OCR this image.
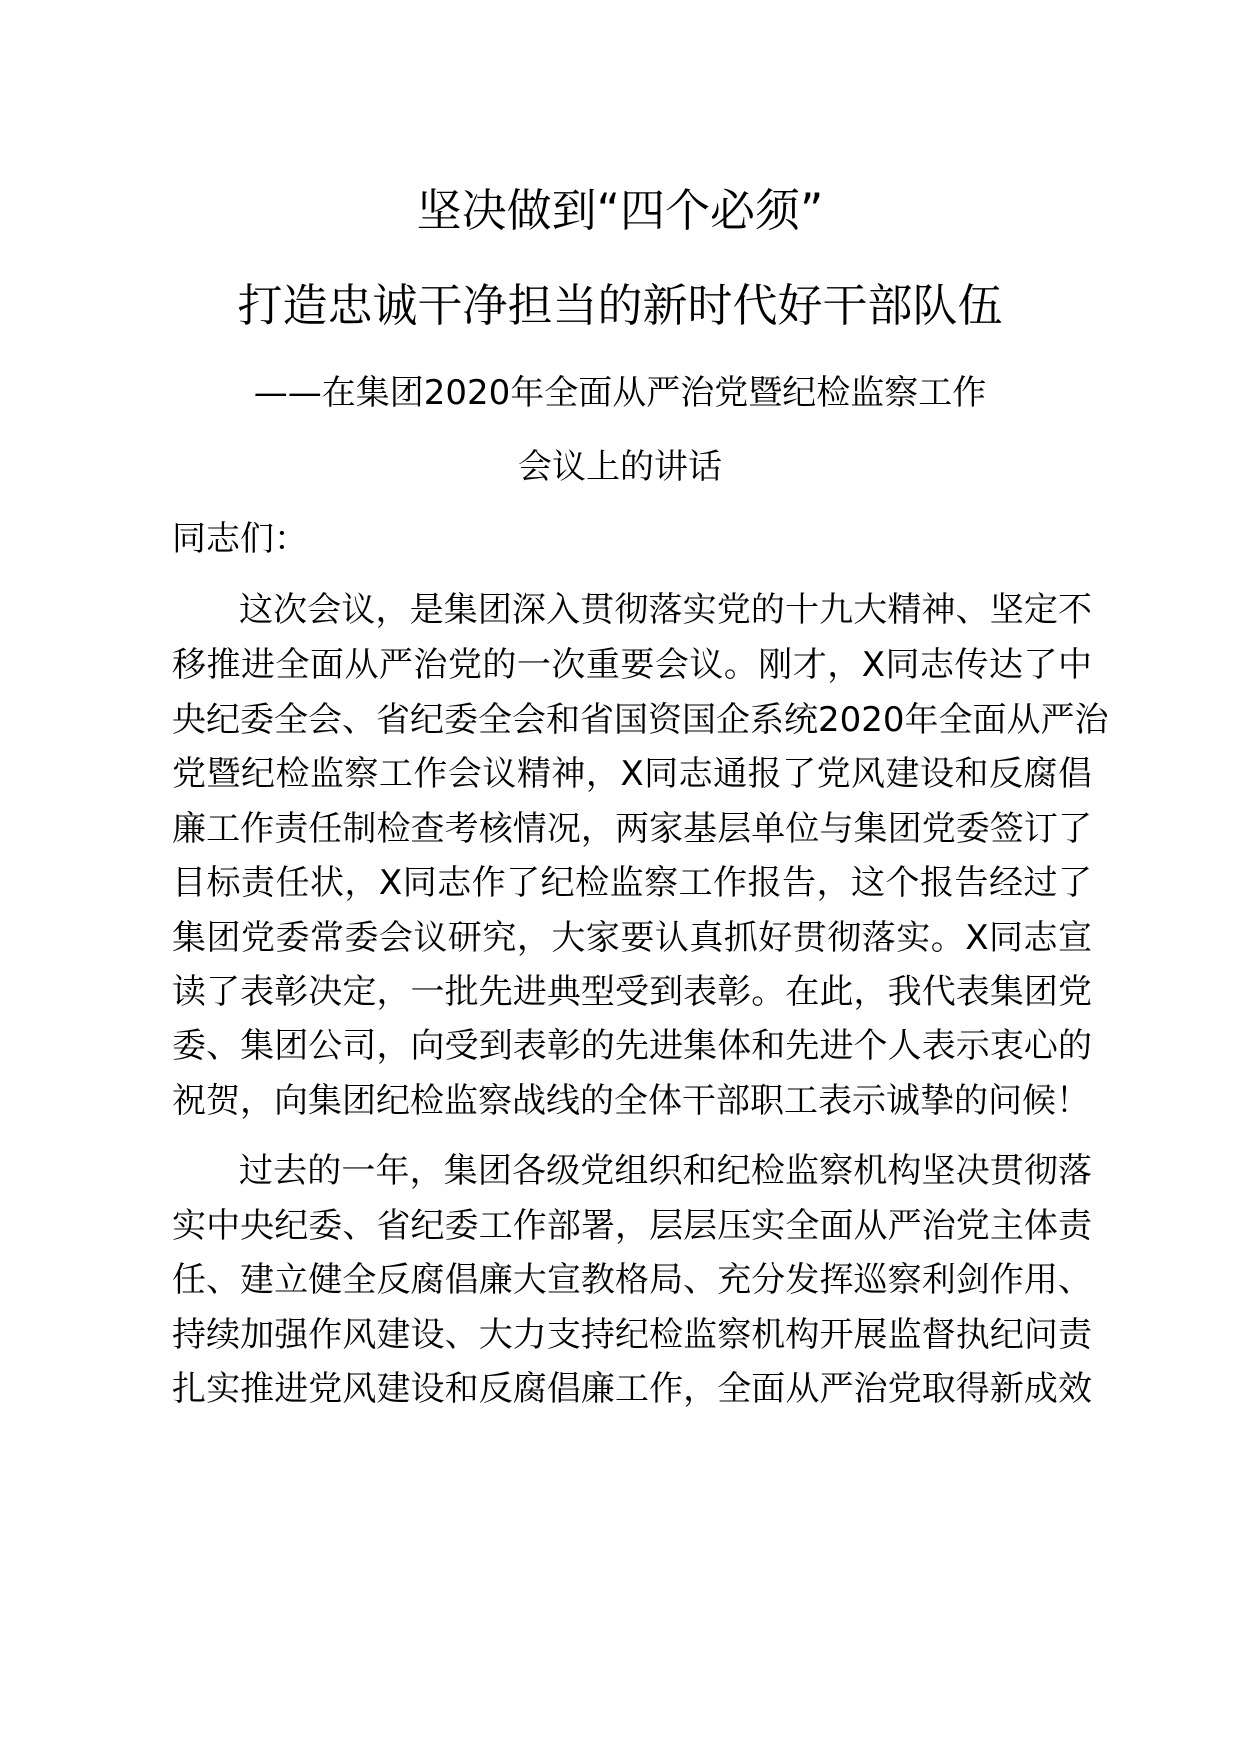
坚决做到“四个必须”
打造忠诚干净担当的新时代好干部队伍
——在集团2020年全面从严治党暨纪检监察工作
会议上的讲话
同志们：
这次会议，是集团深入贯彻落实党的十九大精神、坚定不
移推进全面从严治党的一次重要会议。刚才，X同志传达了中
央纪委全会、省纪委全会和省国资国企系统2020年全面从严治
党暨纪检监察工作会议精神，X同志通报了党风建设和反腐倡
廉工作责任制检查考核情况，两家基层单位与集团党委签订了
目标责任状，X同志作了纪检监察工作报告，这个报告经过了
集团党委常委会议研究，大家要认真抓好贯彻落实。X同志宣
读了表彰决定，一批先进典型受到表彰。在此，我代表集团党
委、集团公司，向受到表彰的先进集体和先进个人表示衷心的
祝贺，向集团纪检监察战线的全体干部职工表示诚挚的问候！
过去的一年，集团各级党组织和纪检监察机构坚决贯彻落
实中央纪委、省纪委工作部署，层层压实全面从严治党主体责
任、建立健全反腐倡廉大宣教格局、充分发挥巡察利剑作用、
持续加强作风建设、大力支持纪检监察机构开展监督执纪问责
扎实推进党风建设和反腐倡廉工作，全面从严治党取得新成效
